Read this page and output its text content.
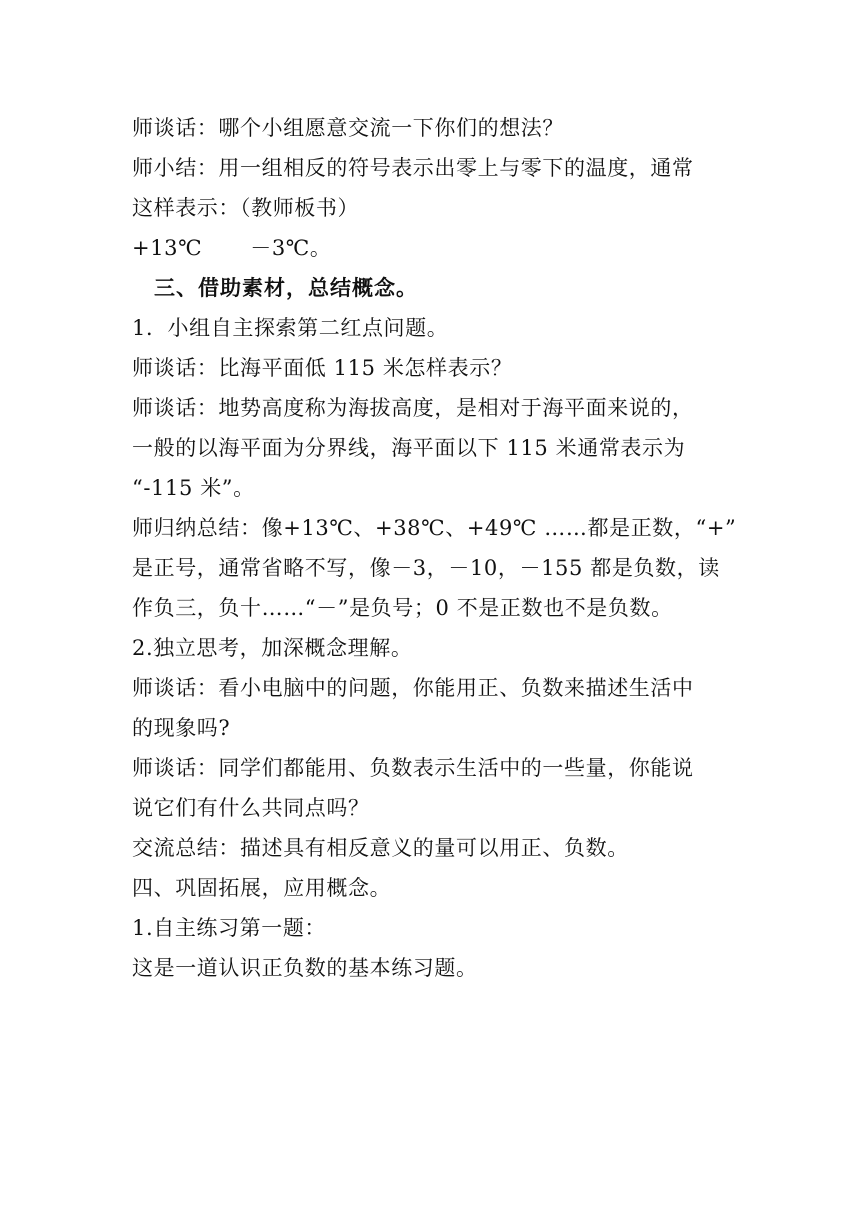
师谈话：哪个小组愿意交流一下你们的想法？
师小结：用一组相反的符号表示出零上与零下的温度，通常
这样表示：（教师板书）
+13℃ －3℃。
三、借助素材，总结概念。
1．小组自主探索第二红点问题。
师谈话：比海平面低 115 米怎样表示？
师谈话：地势高度称为海拔高度，是相对于海平面来说的，
一般的以海平面为分界线，海平面以下 115 米通常表示为
“-115 米”。
师归纳总结：像+13℃、+38℃、+49℃ ……都是正数，“+”
是正号，通常省略不写，像－3，－10，－155 都是负数，读
作负三，负十……“－”是负号；0 不是正数也不是负数。
2.独立思考，加深概念理解。
师谈话：看小电脑中的问题，你能用正、负数来描述生活中
的现象吗?
师谈话：同学们都能用、负数表示生活中的一些量，你能说
说它们有什么共同点吗？
交流总结：描述具有相反意义的量可以用正、负数。
四、巩固拓展，应用概念。
1.自主练习第一题：
这是一道认识正负数的基本练习题。
